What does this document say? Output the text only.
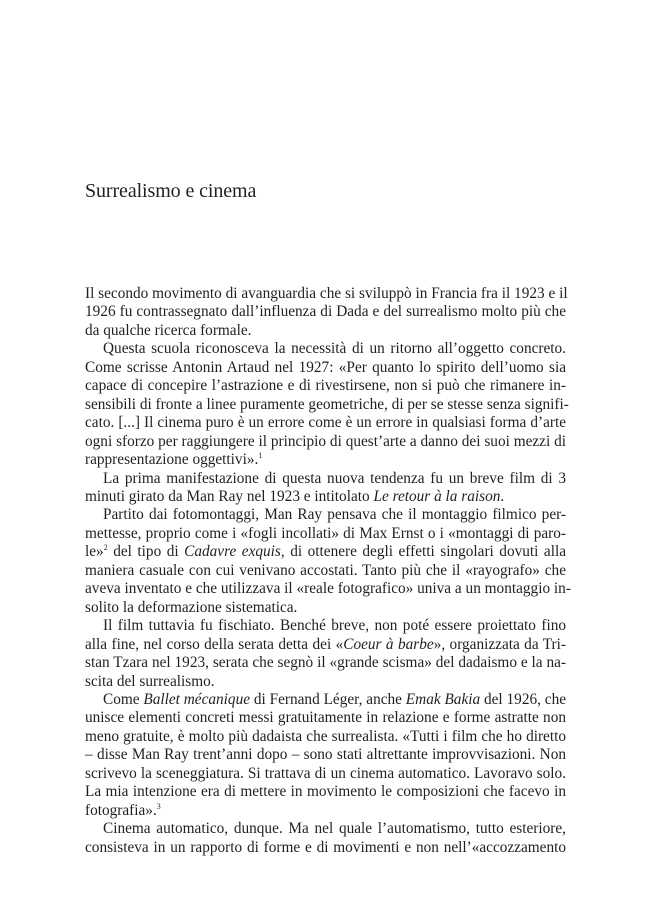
Surrealismo e cinema

Il secondo movimento di avanguardia che si sviluppò in Francia fra il 1923 e il
1926 fu contrassegnato dall’influenza di Dada e del surrealismo molto più che
da qualche ricerca formale.

Questa scuola riconosceva la necessità di un ritorno all’oggetto concreto.
Come scrisse Antonin Artaud nel 1927: «Per quanto lo spirito dell’uomo sia
capace di concepire l’astrazione e di rivestirsene, non si può che rimanere in-
sensibili di fronte a linee puramente geometriche, di per se stesse senza signifi-
cato. [...] Il cinema puro è un errore come è un errore in qualsiasi forma d’arte
ogni sforzo per raggiungere il principio di quest’arte a danno dei suoi mezzi di
rappresentazione oggettivi».$^1$

La prima manifestazione di questa nuova tendenza fu un breve film di 3
minuti girato da Man Ray nel 1923 e intitolato Le retour à la raison.

Partito dai fotomontaggi, Man Ray pensava che il montaggio filmico per-
mettesse, proprio come i «fogli incollati» di Max Ernst o i «montaggi di paro-
le»$^2$ del tipo di Cadavre exquis, di ottenere degli effetti singolari dovuti alla
maniera casuale con cui venivano accostati. Tanto più che il «rayografo» che
aveva inventato e che utilizzava il «reale fotografico» univa a un montaggio in-
solito la deformazione sistematica.

Il film tuttavia fu fischiato. Benché breve, non poté essere proiettato fino
alla fine, nel corso della serata detta dei «Coeur à barbe», organizzata da Tri-
stan Tzara nel 1923, serata che segnò il «grande scisma» del dadaismo e la na-
scita del surrealismo.

Come Ballet mécanique di Fernand Léger, anche Emak Bakia del 1926, che
unisce elementi concreti messi gratuitamente in relazione e forme astratte non
meno gratuite, è molto più dadaista che surrealista. «Tutti i film che ho diretto
– disse Man Ray trent’anni dopo – sono stati altrettante improvvisazioni. Non
scrivevo la sceneggiatura. Si trattava di un cinema automatico. Lavoravo solo.
La mia intenzione era di mettere in movimento le composizioni che facevo in
fotografia».$^3$

Cinema automatico, dunque. Ma nel quale l’automatismo, tutto esteriore,
consisteva in un rapporto di forme e di movimenti e non nell’«accozzamento
